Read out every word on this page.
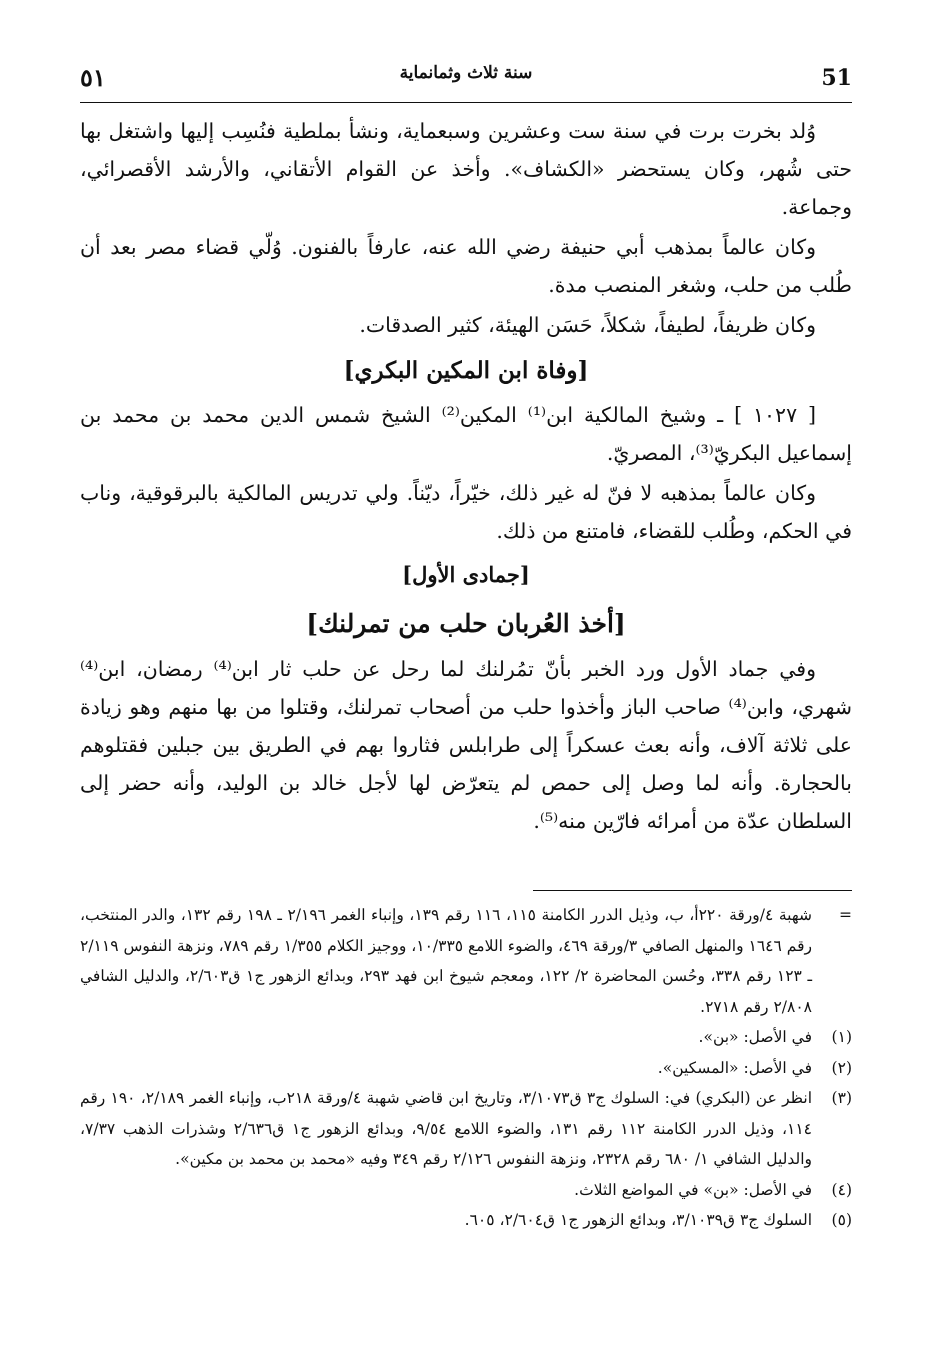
51
سنة ثلاث وثمانماية
٥١

وُلد بخرت برت في سنة ست وعشرين وسبعماية، ونشأ بملطية فنُسِب إليها واشتغل بها حتى شُهر، وكان يستحضر «الكشاف». وأخذ عن القوام الأتقاني، والأرشد الأقصرائي، وجماعة.

وكان عالماً بمذهب أبي حنيفة رضي الله عنه، عارفاً بالفنون. وُلّي قضاء مصر بعد أن طُلب من حلب، وشغر المنصب مدة.

وكان ظريفاً، لطيفاً، شكلاً، حَسَن الهيئة، كثير الصدقات.

[وفاة ابن المكين البكري]

[ ١٠٢٧ ] ـ وشيخ المالكية ابن⁽¹⁾ المكين⁽²⁾ الشيخ شمس الدين محمد بن محمد بن إسماعيل البكريّ⁽³⁾، المصريّ.

وكان عالماً بمذهبه لا فنّ له غير ذلك، خيّراً، ديّناً. ولي تدريس المالكية بالبرقوقية، وناب في الحكم، وطُلب للقضاء، فامتنع من ذلك.

[جمادى الأول]
[أخذ العُربان حلب من تمرلنك]

وفي جماد الأول ورد الخبر بأنّ تمُرلنك لما رحل عن حلب ثار ابن⁽⁴⁾ رمضان، ابن⁽⁴⁾ شهري، وابن⁽⁴⁾ صاحب الباز وأخذوا حلب من أصحاب تمرلنك، وقتلوا من بها منهم وهو زيادة على ثلاثة آلاف، وأنه بعث عسكراً إلى طرابلس فثاروا بهم في الطريق بين جبلين فقتلوهم بالحجارة. وأنه لما وصل إلى حمص لم يتعرّض لها لأجل خالد بن الوليد، وأنه حضر إلى السلطان عدّة من أمرائه فارّين منه⁽⁵⁾.

=
شهبة ٤/ورقة ٢٢٠أ، ب، وذيل الدرر الكامنة ١١٥، ١١٦ رقم ١٣٩، وإنباء الغمر ٢/١٩٦ ـ ١٩٨ رقم ١٣٢، والدر المنتخب، رقم ١٦٤٦ والمنهل الصافي ٣/ورقة ٤٦٩، والضوء اللامع ١٠/٣٣٥، ووجيز الكلام ١/٣٥٥ رقم ٧٨٩، ونزهة النفوس ٢/١١٩ ـ ١٢٣ رقم ٣٣٨، وحُسن المحاضرة ٢/ ١٢٢، ومعجم شيوخ ابن فهد ٢٩٣، وبدائع الزهور ج١ ق٢/٦٠٣، والدليل الشافي ٢/٨٠٨ رقم ٢٧١٨.
(١)
في الأصل: «بن».
(٢)
في الأصل: «المسكين».
(٣)
انظر عن (البكري) في: السلوك ج٣ ق٣/١٠٧٣، وتاريخ ابن قاضي شهبة ٤/ورقة ٢١٨ب، وإنباء الغمر ٢/١٨٩، ١٩٠ رقم ١١٤، وذيل الدرر الكامنة ١١٢ رقم ١٣١، والضوء اللامع ٩/٥٤، وبدائع الزهور ج١ ق٢/٦٣٦ وشذرات الذهب ٧/٣٧، والدليل الشافي ١/ ٦٨٠ رقم ٢٣٢٨، ونزهة النفوس ٢/١٢٦ رقم ٣٤٩ وفيه «محمد بن محمد بن مكين».
(٤)
في الأصل: «بن» في المواضع الثلاث.
(٥)
السلوك ج٣ ق٣/١٠٣٩، وبدائع الزهور ج١ ق٢/٦٠٤، ٦٠٥.
